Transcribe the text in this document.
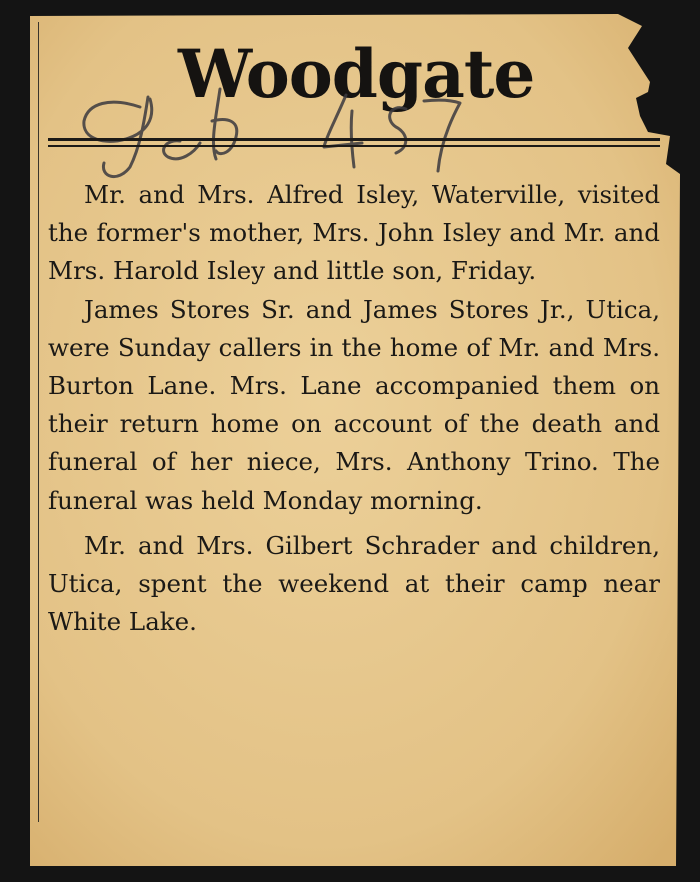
Woodgate

Mr. and Mrs. Alfred Isley, Waterville, visited the former's mother, Mrs. John Isley and Mr. and Mrs. Harold Isley and little son, Friday.

James Stores Sr. and James Stores Jr., Utica, were Sunday callers in the home of Mr. and Mrs. Burton Lane. Mrs. Lane accompanied them on their return home on account of the death and funeral of her niece, Mrs. Anthony Trino. The funeral was held Monday morning.

Mr. and Mrs. Gilbert Schrader and children, Utica, spent the weekend at their camp near White Lake.
